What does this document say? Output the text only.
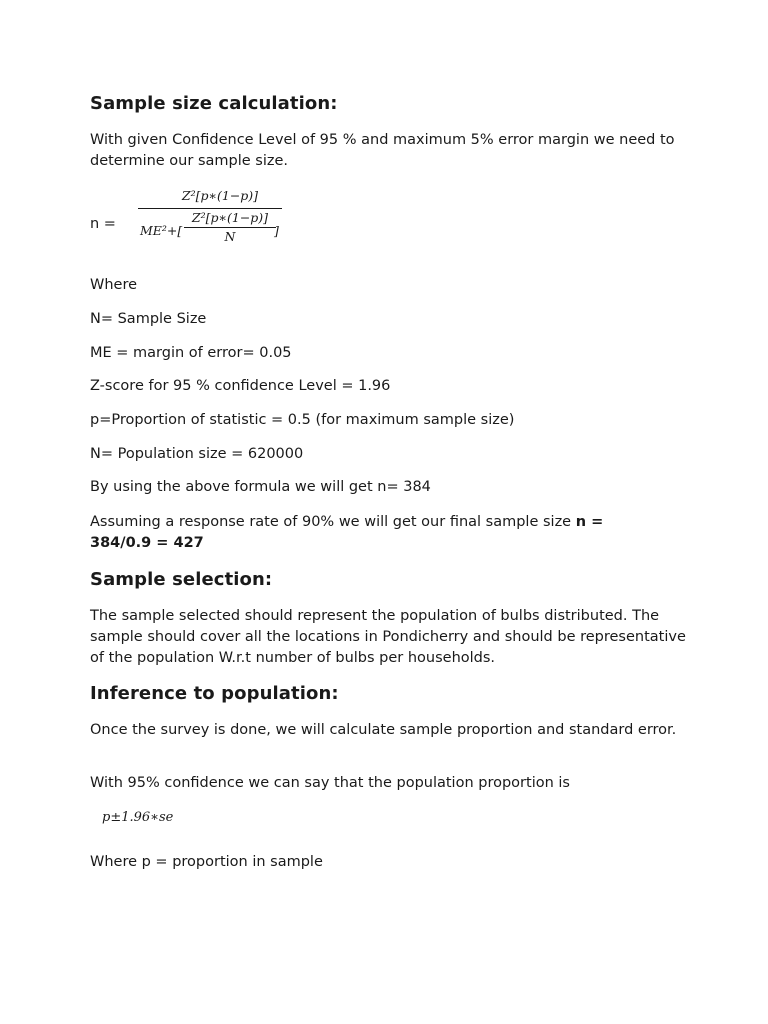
Sample size calculation:
With given Confidence Level of 95 % and maximum 5% error margin we need to determine our sample size.
n =
Z²[p∗(1−p)]
ME²+[
Z²[p∗(1−p)]
N	]
Where
N= Sample Size
ME = margin of error= 0.05
Z-score for 95 % confidence Level = 1.96
p=Proportion of statistic = 0.5 (for maximum sample size)
N= Population size = 620000
By using the above formula we will get n= 384
Assuming a response rate of 90% we will get our final sample size n =
384/0.9 = 427
Sample selection:
The sample selected should represent the population of bulbs distributed. The sample should cover all the locations in Pondicherry and should be representative of the population W.r.t number of bulbs per households.
Inference to population:
Once the survey is done, we will calculate sample proportion and standard error.
With 95% confidence we can say that the population proportion is
p±1.96∗se
Where p = proportion in sample
